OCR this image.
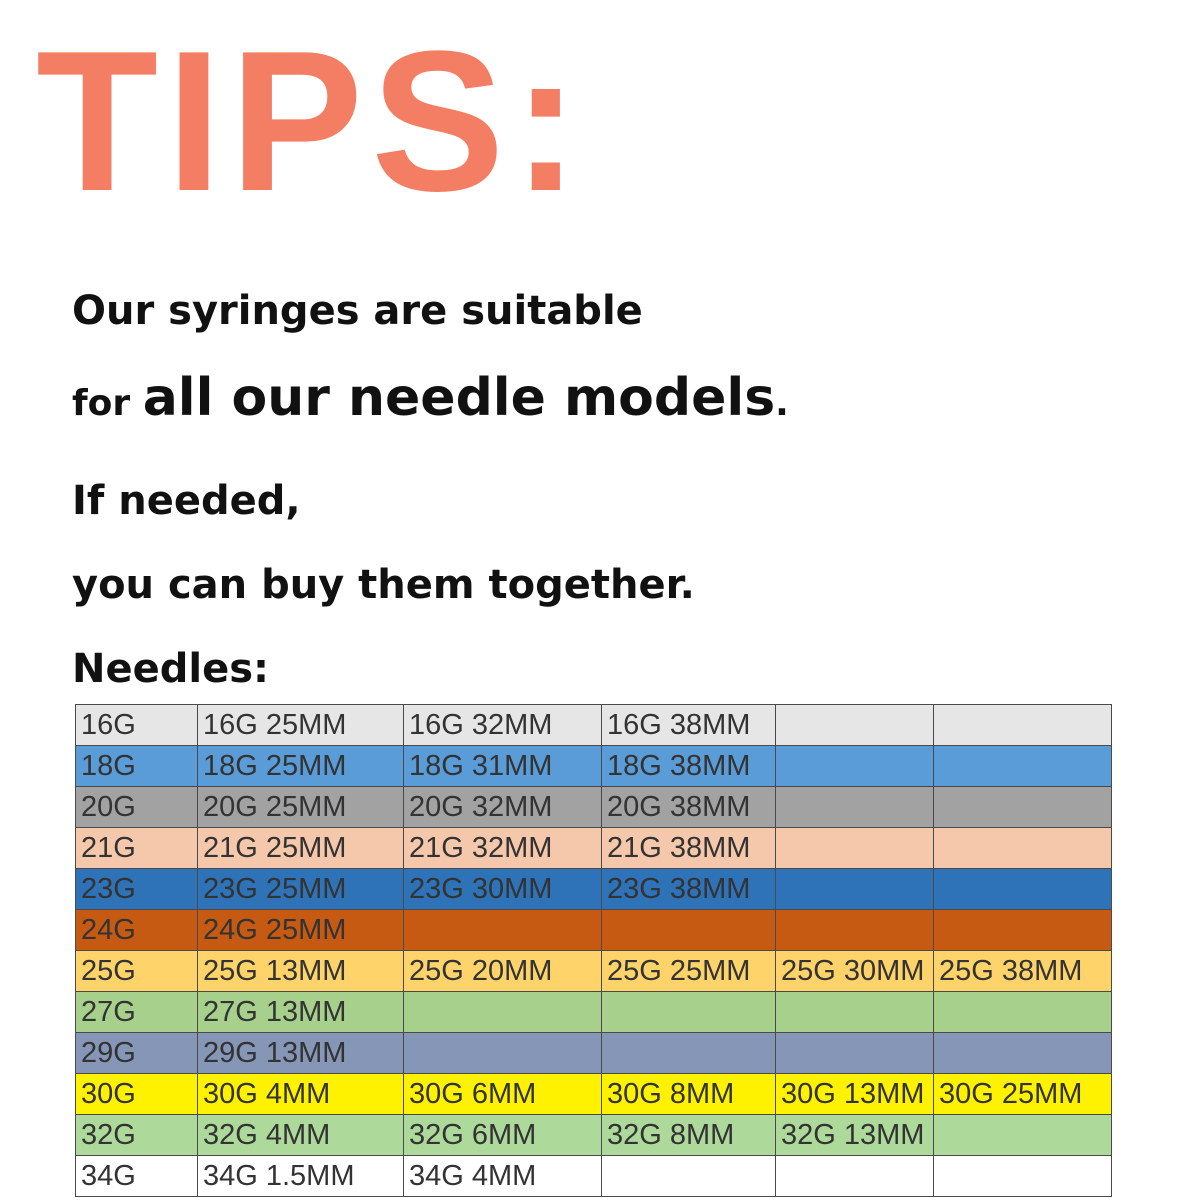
TIPS:

Our syringes are suitable

for all our needle models.

If needed,

you can buy them together.

Needles:

16G	16G 25MM	16G 32MM	16G 38MM		
18G	18G 25MM	18G 31MM	18G 38MM		
20G	20G 25MM	20G 32MM	20G 38MM		
21G	21G 25MM	21G 32MM	21G 38MM		
23G	23G 25MM	23G 30MM	23G 38MM		
24G	24G 25MM				
25G	25G 13MM	25G 20MM	25G 25MM	25G 30MM	25G 38MM
27G	27G 13MM				
29G	29G 13MM				
30G	30G 4MM	30G 6MM	30G 8MM	30G 13MM	30G 25MM
32G	32G 4MM	32G 6MM	32G 8MM	32G 13MM	
34G	34G 1.5MM	34G 4MM			
